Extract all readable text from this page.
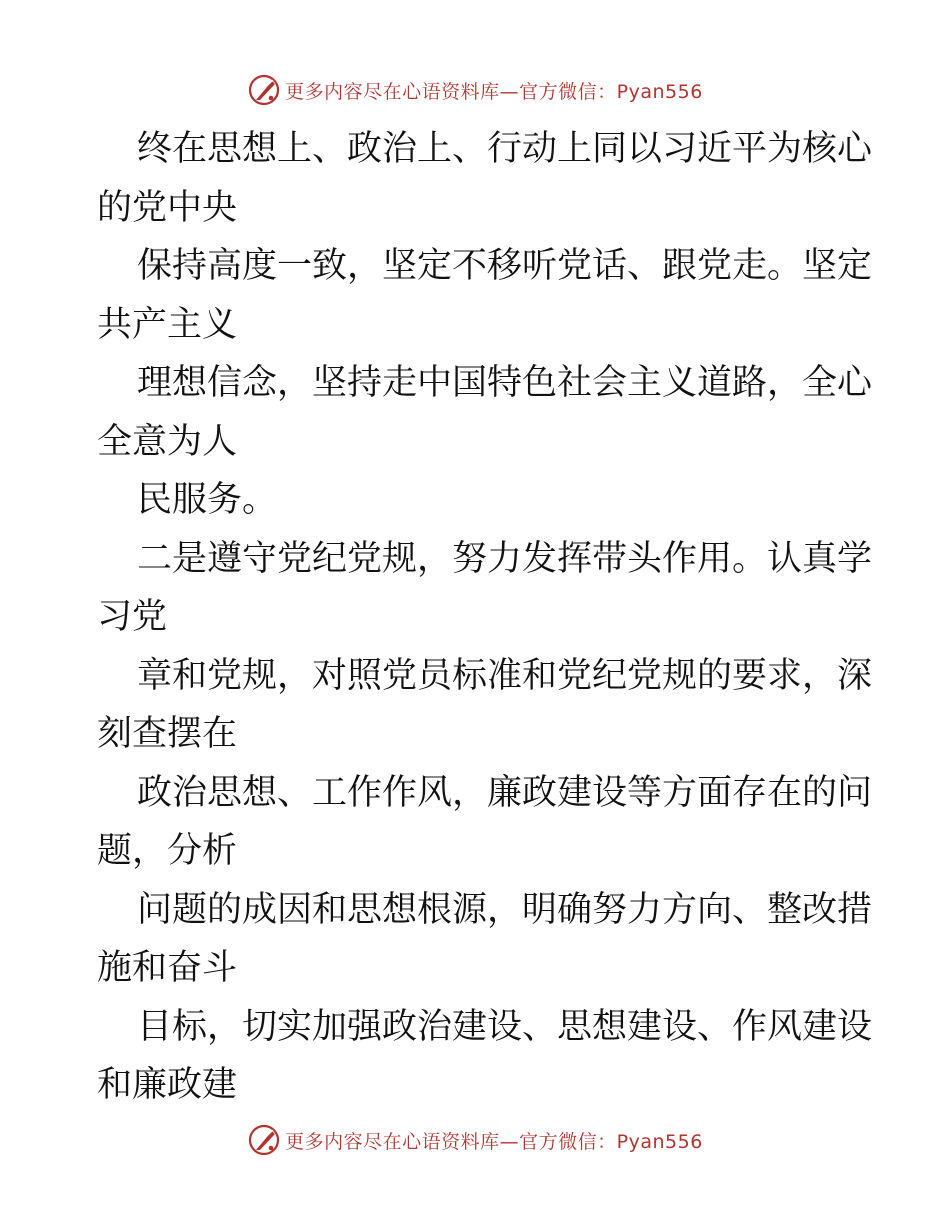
更多内容尽在心语资料库—官方微信：Pyan556
终在思想上、政治上、行动上同以习近平为核心
的党中央
保持高度一致，坚定不移听党话、跟党走。坚定
共产主义
理想信念，坚持走中国特色社会主义道路，全心
全意为人
民服务。
二是遵守党纪党规，努力发挥带头作用。认真学
习党
章和党规，对照党员标准和党纪党规的要求，深
刻查摆在
政治思想、工作作风，廉政建设等方面存在的问
题，分析
问题的成因和思想根源，明确努力方向、整改措
施和奋斗
目标，切实加强政治建设、思想建设、作风建设
和廉政建
更多内容尽在心语资料库—官方微信：Pyan556
